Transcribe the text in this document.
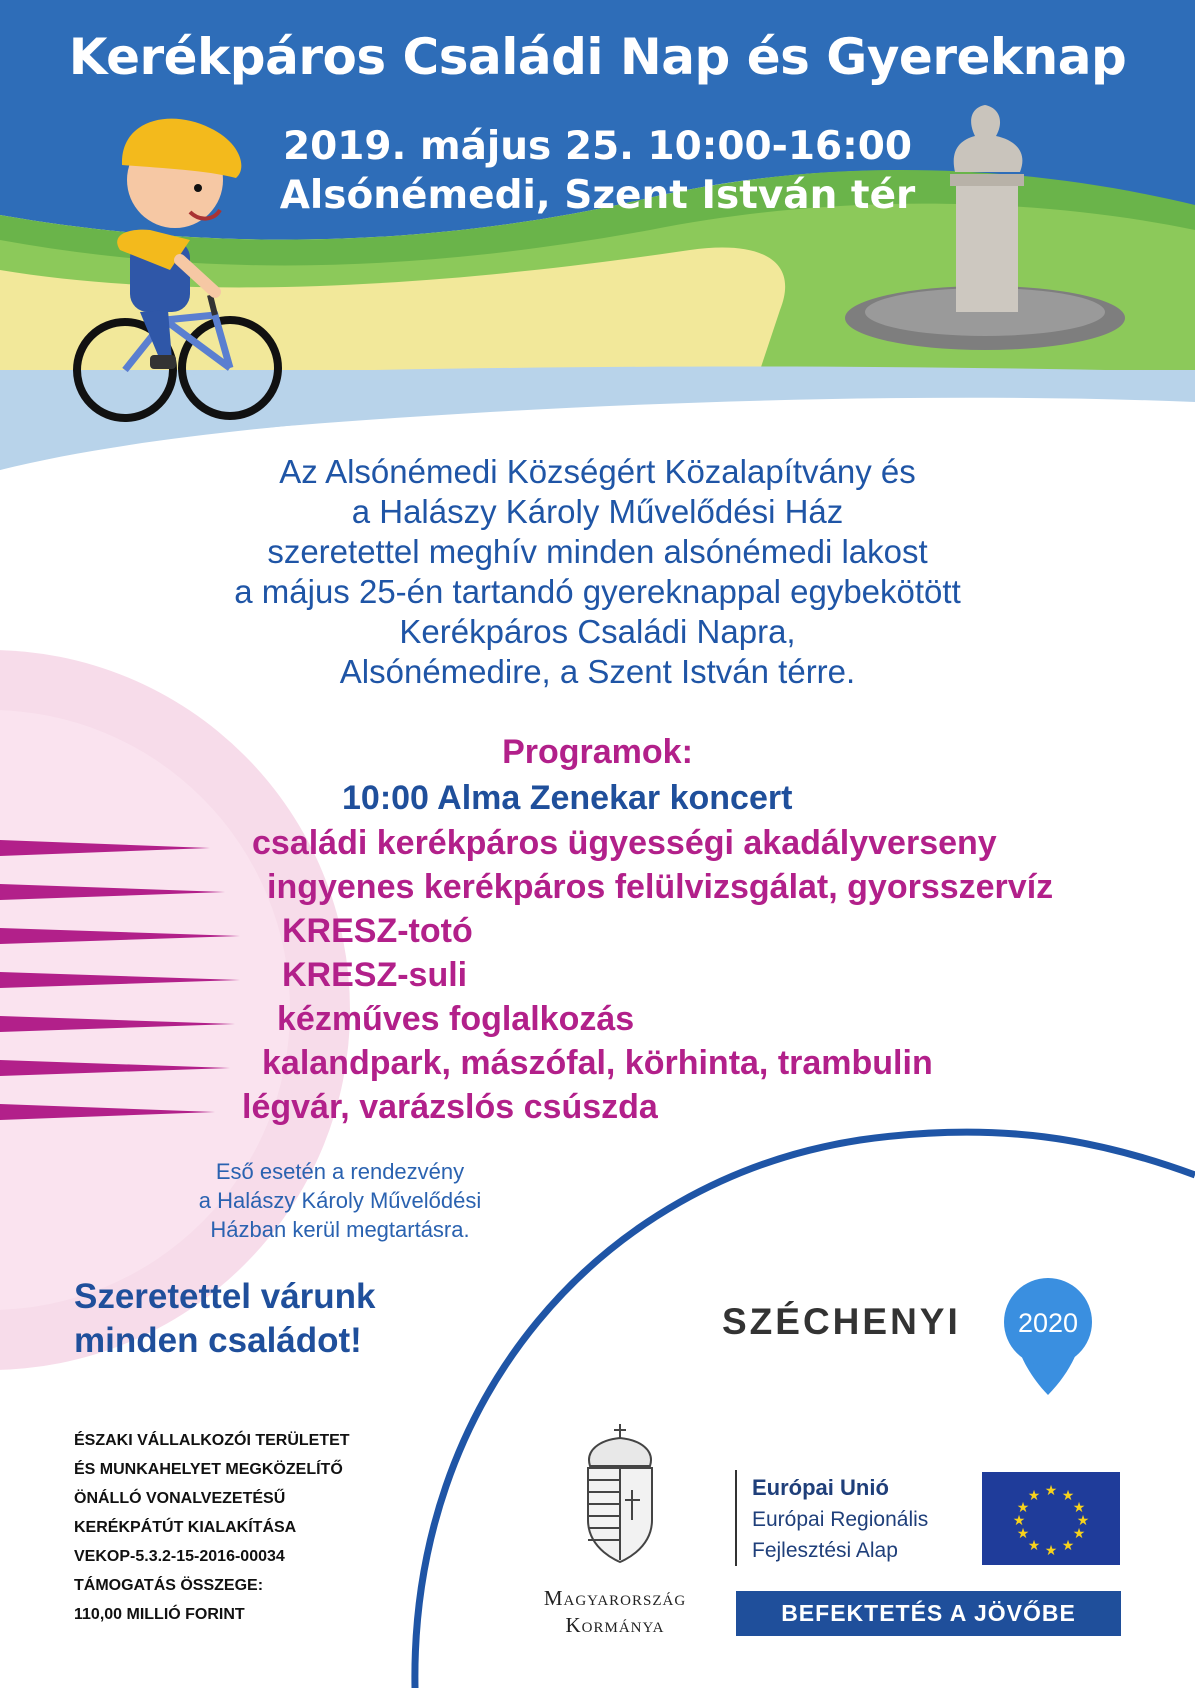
★ ★
★
★
★
★
★
★
★
★
★
★
Kerékpáros Családi Nap és Gyereknap
2019. május 25. 10:00-16:00
Alsónémedi, Szent István tér
Az Alsónémedi Községért Közalapítvány és
a Halászy Károly Művelődési Ház
szeretettel meghív minden alsónémedi lakost
a május 25-én tartandó gyereknappal egybekötött
Kerékpáros Családi Napra,
Alsónémedire, a Szent István térre.
Programok:
10:00 Alma Zenekar koncert
családi kerékpáros ügyességi akadályverseny
ingyenes kerékpáros felülvizsgálat, gyorsszervíz
KRESZ-totó
KRESZ-suli
kézműves foglalkozás
kalandpark, mászófal, körhinta, trambulin
légvár, varázslós csúszda
Eső esetén a rendezvény
a Halászy Károly Művelődési
Házban kerül megtartásra.
Szeretettel várunk
minden családot!
ÉSZAKI VÁLLALKOZÓI TERÜLETET
ÉS MUNKAHELYET MEGKÖZELÍTŐ
ÖNÁLLÓ VONALVEZETÉSŰ
KERÉKPÁTÚT KIALAKÍTÁSA
VEKOP-5.3.2-15-2016-00034
TÁMOGATÁS ÖSSZEGE:
110,00 MILLIÓ FORINT
Magyarország
Kormánya
SZÉCHENYI	2020
Európai Unió
Európai Regionális
Fejlesztési Alap
BEFEKTETÉS A JÖVŐBE
